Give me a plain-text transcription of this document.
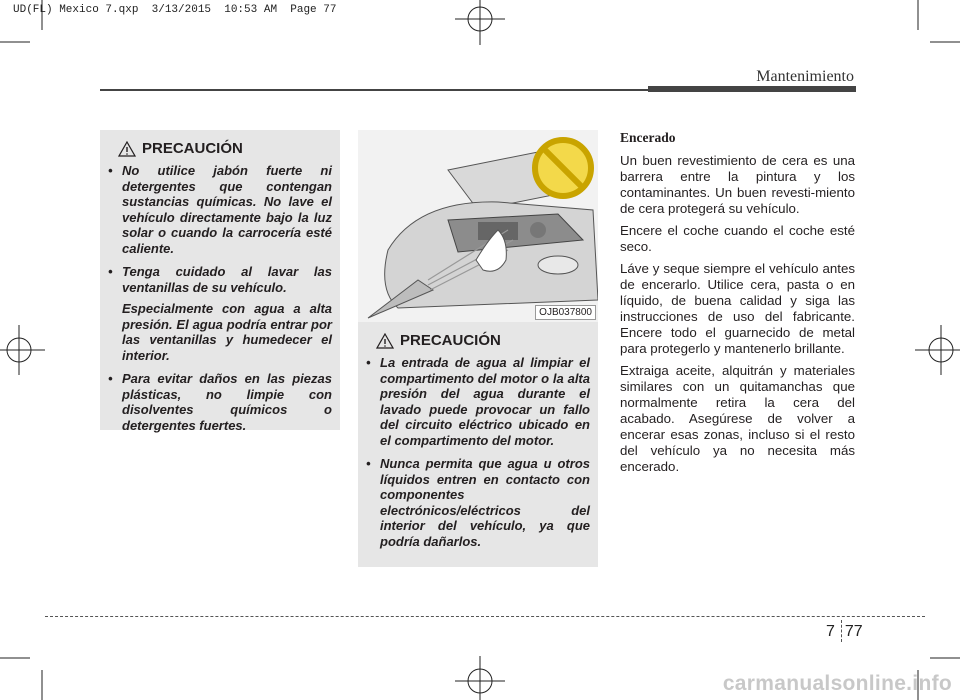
UD(FL) Mexico 7.qxp  3/13/2015  10:53 AM  Page 77
Mantenimiento
PRECAUCIÓN
• No utilice jabón fuerte ni detergentes que contengan sustancias químicas. No lave el vehículo directamente bajo la luz solar o cuando la carrocería esté caliente.
• Tenga cuidado al lavar las ventanillas de su vehículo.

Especialmente con agua a alta presión. El agua podría entrar por las ventanillas y humedecer el interior.

• Para evitar daños en las piezas plásticas, no limpie con disolventes químicos o detergentes fuertes.
OJB037800
PRECAUCIÓN
• La entrada de agua al limpiar el compartimento del motor o la alta presión del agua durante el lavado puede provocar un fallo del circuito eléctrico ubicado en el compartimento del motor.
• Nunca permita que agua u otros líquidos entren en contacto con componentes electrónicos/eléctricos del interior del vehículo, ya que podría dañarlos.
Encerado

Un buen revestimiento de cera es una barrera entre la pintura y los contaminantes. Un buen revesti-miento de cera protegerá su vehículo.

Encere el coche cuando el coche esté seco.

Láve y seque siempre el vehículo antes de encerarlo. Utilice cera, pasta o en líquido, de buena calidad y siga las instrucciones de uso del fabricante. Encere todo el guarnecido de metal para protegerlo y mantenerlo brillante.

Extraiga aceite, alquitrán y materiales similares con un quitamanchas que normalmente retira la cera del acabado. Asegúrese de volver a encerar esas zonas, incluso si el resto del vehículo ya no necesita más encerado.

7 77
carmanualsonline.info
